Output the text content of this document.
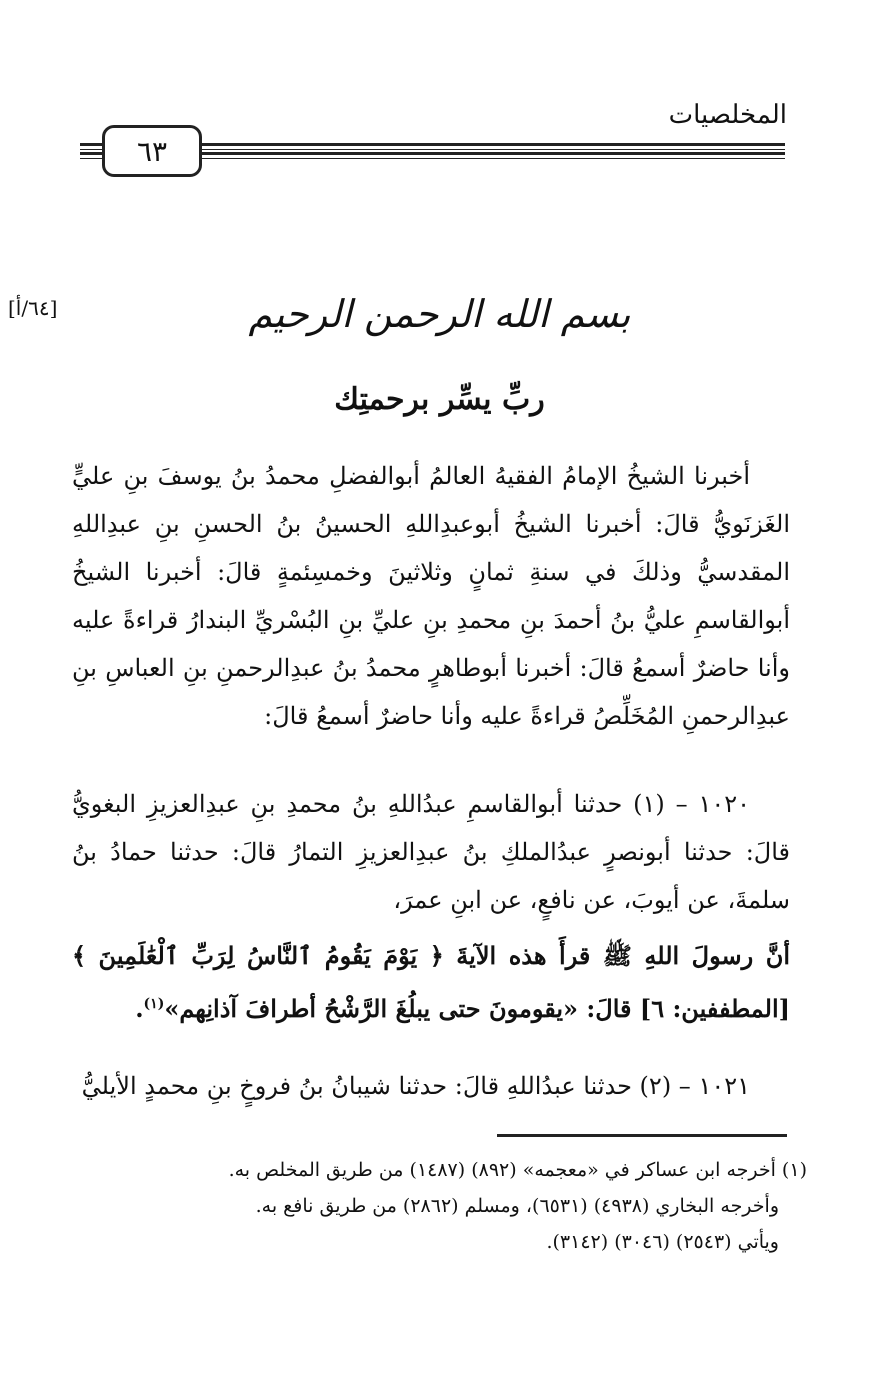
المخلصيات
٦٣
[٦٤/أ]	بسم الله الرحمن الرحيم
ربِّ يسِّر برحمتِك
أخبرنا الشيخُ الإمامُ الفقيهُ العالمُ أبوالفضلِ محمدُ بنُ يوسفَ بنِ عليٍّ الغَزنَويُّ قالَ: أخبرنا الشيخُ أبوعبدِاللهِ الحسينُ بنُ الحسنِ بنِ عبدِاللهِ المقدسيُّ وذلكَ في سنةِ ثمانٍ وثلاثينَ وخمسِئمةٍ قالَ: أخبرنا الشيخُ أبوالقاسمِ عليُّ بنُ أحمدَ بنِ محمدِ بنِ عليِّ بنِ البُسْريِّ البندارُ قراءةً عليه وأنا حاضرٌ أسمعُ قالَ: أخبرنا أبوطاهرٍ محمدُ بنُ عبدِالرحمنِ بنِ العباسِ بنِ عبدِالرحمنِ المُخَلِّصُ قراءةً عليه وأنا حاضرٌ أسمعُ قالَ:
١٠٢٠ – (١) حدثنا أبوالقاسمِ عبدُاللهِ بنُ محمدِ بنِ عبدِالعزيزِ البغويُّ قالَ: حدثنا أبونصرٍ عبدُالملكِ بنُ عبدِالعزيزِ التمارُ قالَ: حدثنا حمادُ بنُ سلمةَ، عن أيوبَ، عن نافعٍ، عن ابنِ عمرَ،
أنَّ رسولَ اللهِ ﷺ قرأَ هذه الآيةَ ﴿ يَوْمَ يَقُومُ ٱلنَّاسُ لِرَبِّ ٱلْعَٰلَمِينَ ﴾ [المطففين: ٦] قالَ: «يقومونَ حتى يبلُغَ الرَّشْحُ أطرافَ آذانِهم»$^{(١)}$.
١٠٢١ – (٢) حدثنا عبدُاللهِ قالَ: حدثنا شيبانُ بنُ فروخٍ بنِ محمدٍ الأيليُّ
(١) أخرجه ابن عساكر في «معجمه» (٨٩٢) (١٤٨٧) من طريق المخلص به.
وأخرجه البخاري (٤٩٣٨) (٦٥٣١)، ومسلم (٢٨٦٢) من طريق نافع به.
ويأتي (٢٥٤٣) (٣٠٤٦) (٣١٤٢).
